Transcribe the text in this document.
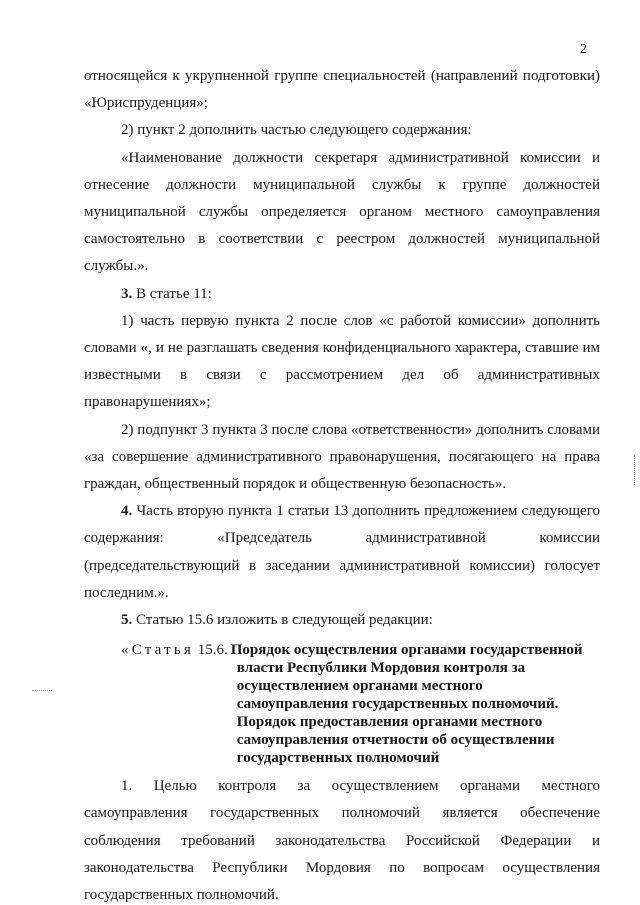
2

относящейся к укрупненной группе специальностей (направлений подготовки) «Юриспруденция»;

2) пункт 2 дополнить частью следующего содержания:

«Наименование должности секретаря административной комиссии и отнесение должности муниципальной службы к группе должностей муниципальной службы определяется органом местного самоуправления самостоятельно в соответствии с реестром должностей муниципальной службы.».

3. В статье 11:

1) часть первую пункта 2 после слов «с работой комиссии» дополнить словами «, и не разглашать сведения конфиденциального характера, ставшие им известными в связи с рассмотрением дел об административных правонарушениях»;

2) подпункт 3 пункта 3 после слова «ответственности» дополнить словами «за совершение административного правонарушения, посягающего на права граждан, общественный порядок и общественную безопасность».

4. Часть вторую пункта 1 статьи 13 дополнить предложением следующего содержания: «Председатель административной комиссии (председательствующий в заседании административной комиссии) голосует последним.».

5. Статью 15.6 изложить в следующей редакции:

«Статья 15.6. Порядок осуществления органами государственной
власти Республики Мордовия контроля за
осуществлением органами местного
самоуправления государственных полномочий.
Порядок предоставления органами местного
самоуправления отчетности об осуществлении
государственных полномочий

1. Целью контроля за осуществлением органами местного самоуправления государственных полномочий является обеспечение соблюдения требований законодательства Российской Федерации и законодательства Республики Мордовия по вопросам осуществления государственных полномочий.
